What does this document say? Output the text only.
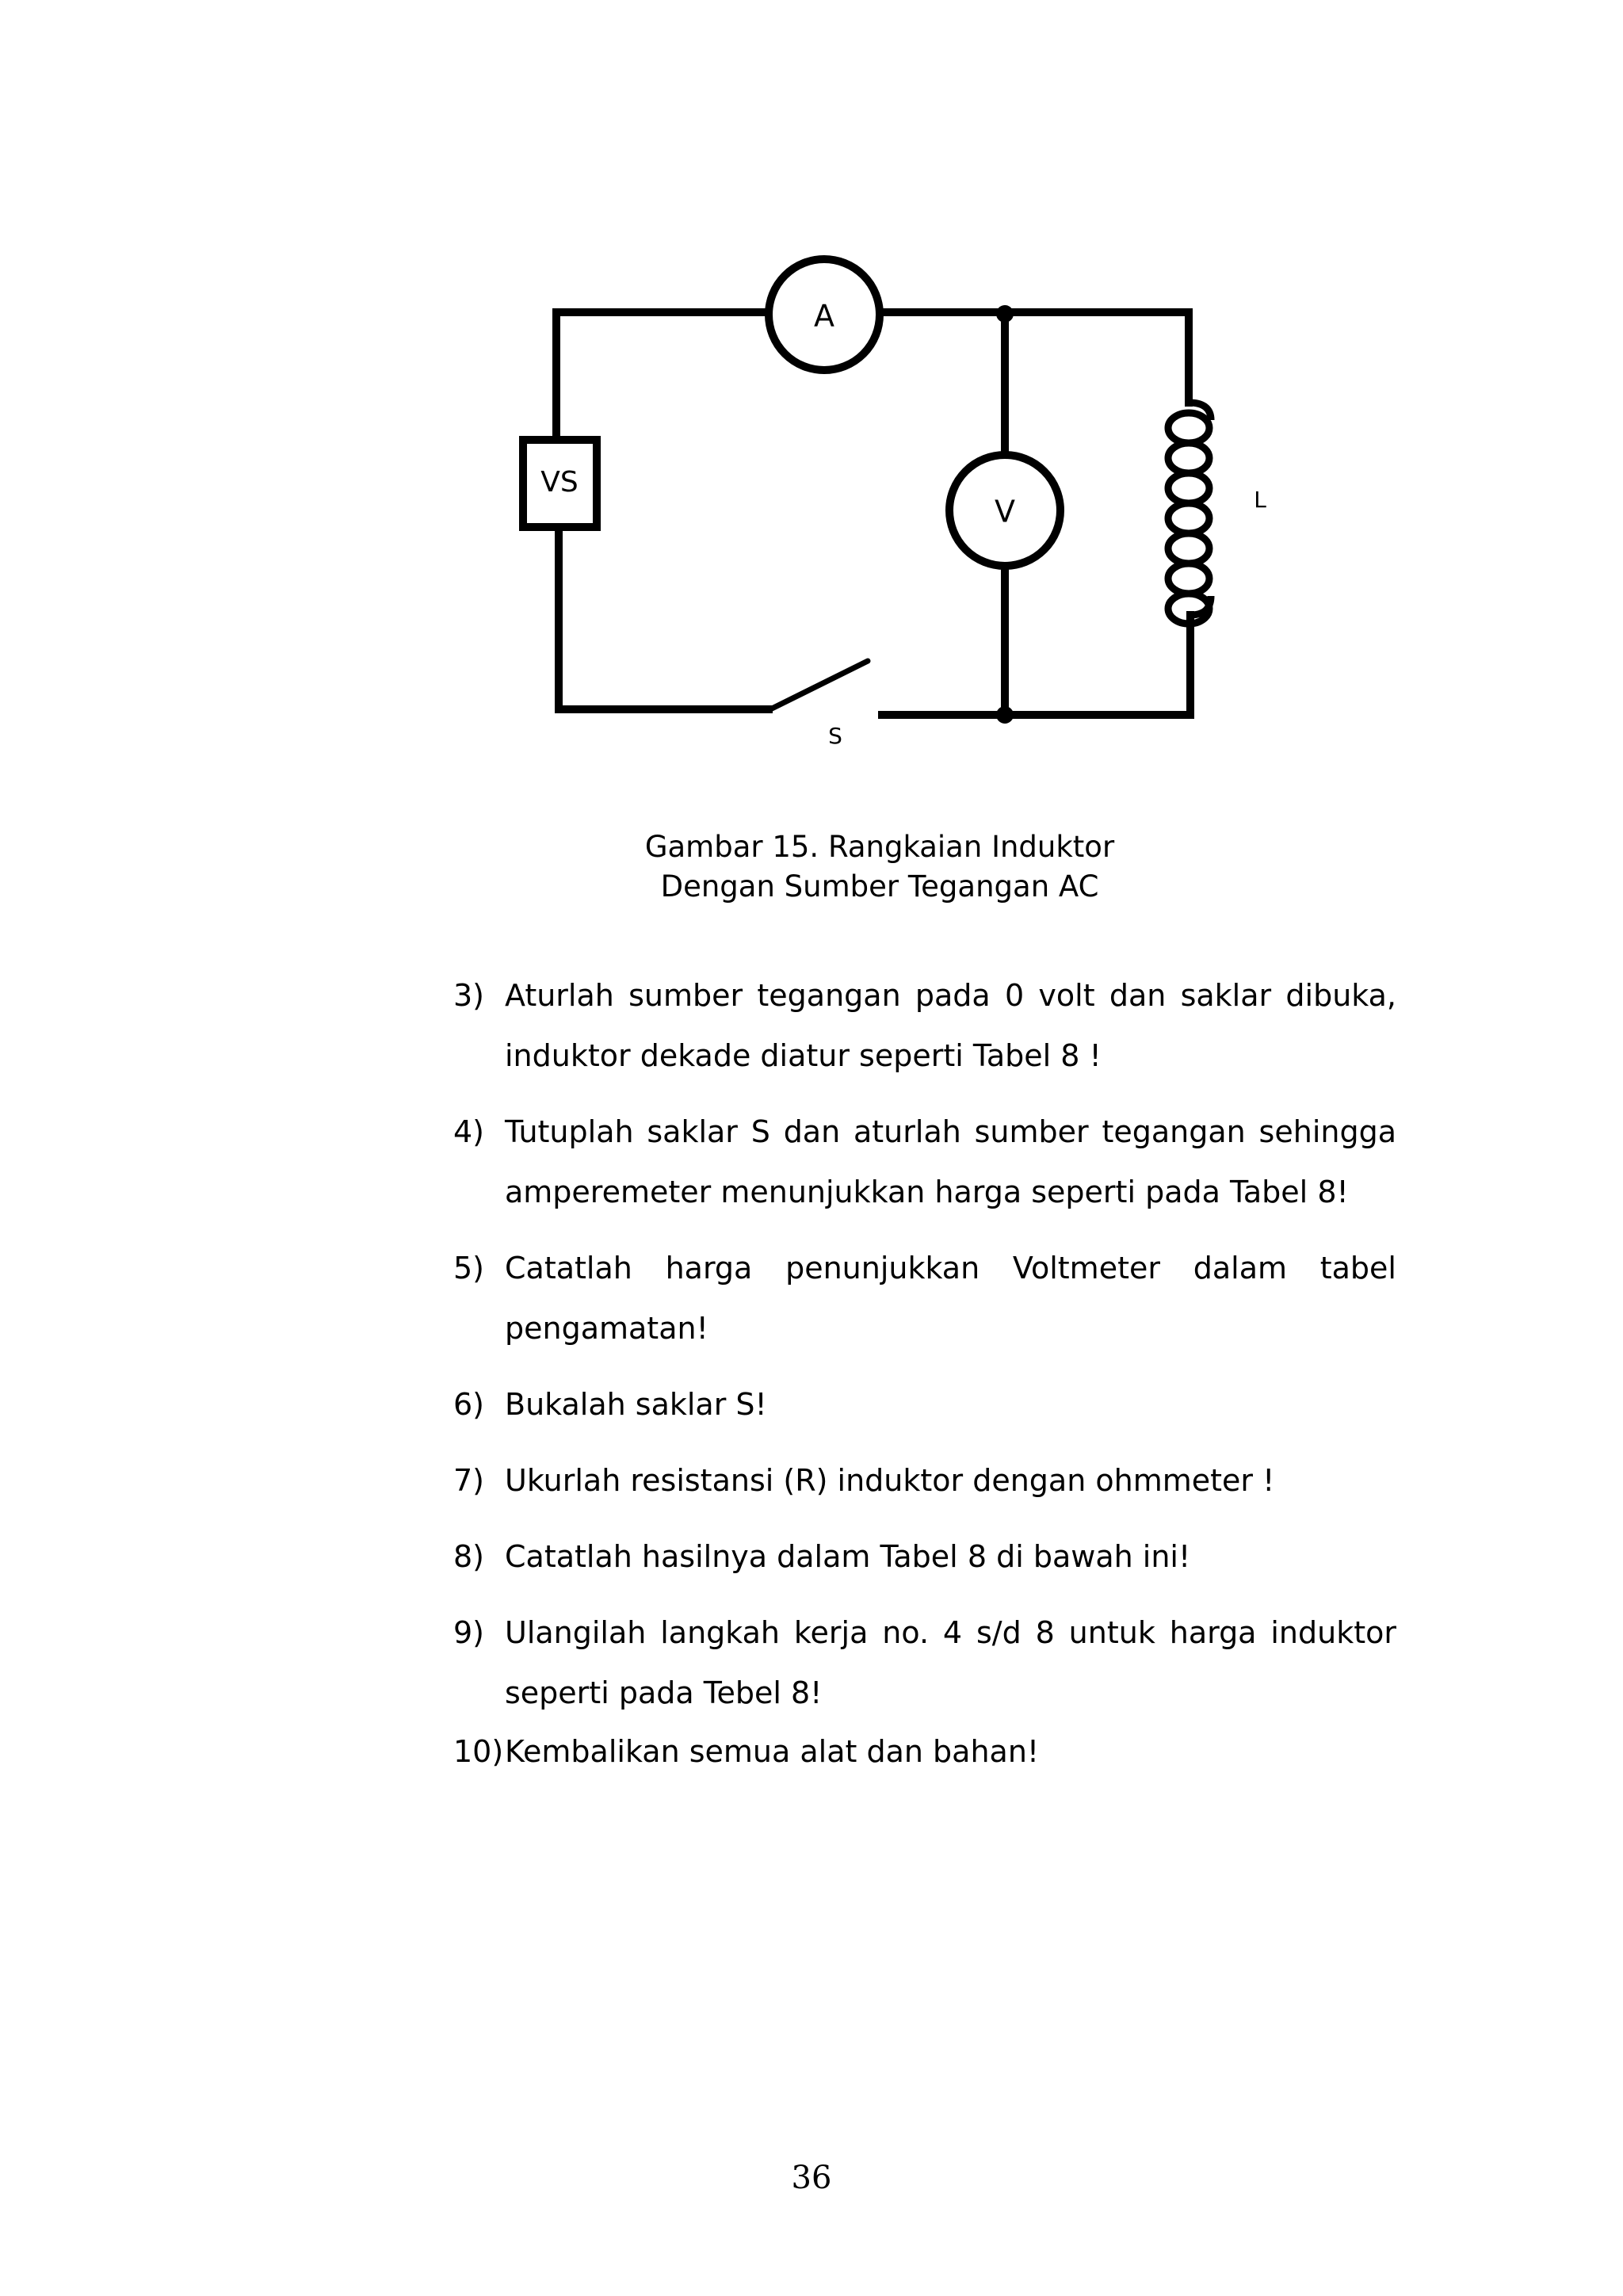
A
V
VS
L
S
Gambar 15. Rangkaian Induktor
Dengan Sumber Tegangan AC
3) Aturlah sumber tegangan pada 0 volt dan saklar dibuka, induktor dekade diatur seperti Tabel 8 !
4) Tutuplah saklar S dan aturlah sumber tegangan sehingga amperemeter menunjukkan harga seperti pada Tabel 8!
5) Catatlah harga penunjukkan Voltmeter dalam tabel pengamatan!
6) Bukalah saklar S!
7) Ukurlah resistansi (R) induktor dengan ohmmeter !
8) Catatlah hasilnya dalam Tabel 8 di bawah ini!
9) Ulangilah langkah kerja no. 4 s/d 8 untuk harga induktor seperti pada Tebel 8!
10) Kembalikan semua alat dan bahan!
36
